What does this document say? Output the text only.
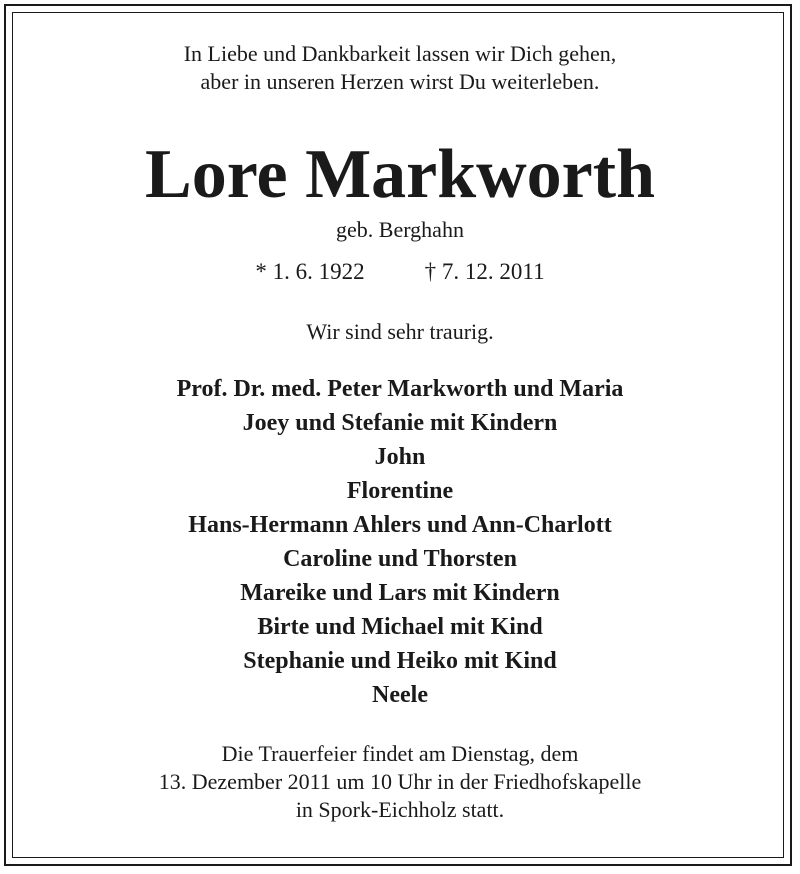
In Liebe und Dankbarkeit lassen wir Dich gehen,
aber in unseren Herzen wirst Du weiterleben.
Lore Markworth
geb. Berghahn
* 1. 6. 1922	† 7. 12. 2011
Wir sind sehr traurig.
Prof. Dr. med. Peter Markworth und Maria
Joey und Stefanie mit Kindern
John
Florentine
Hans-Hermann Ahlers und Ann-Charlott
Caroline und Thorsten
Mareike und Lars mit Kindern
Birte und Michael mit Kind
Stephanie und Heiko mit Kind
Neele
Die Trauerfeier findet am Dienstag, dem
13. Dezember 2011 um 10 Uhr in der Friedhofskapelle
in Spork-Eichholz statt.
